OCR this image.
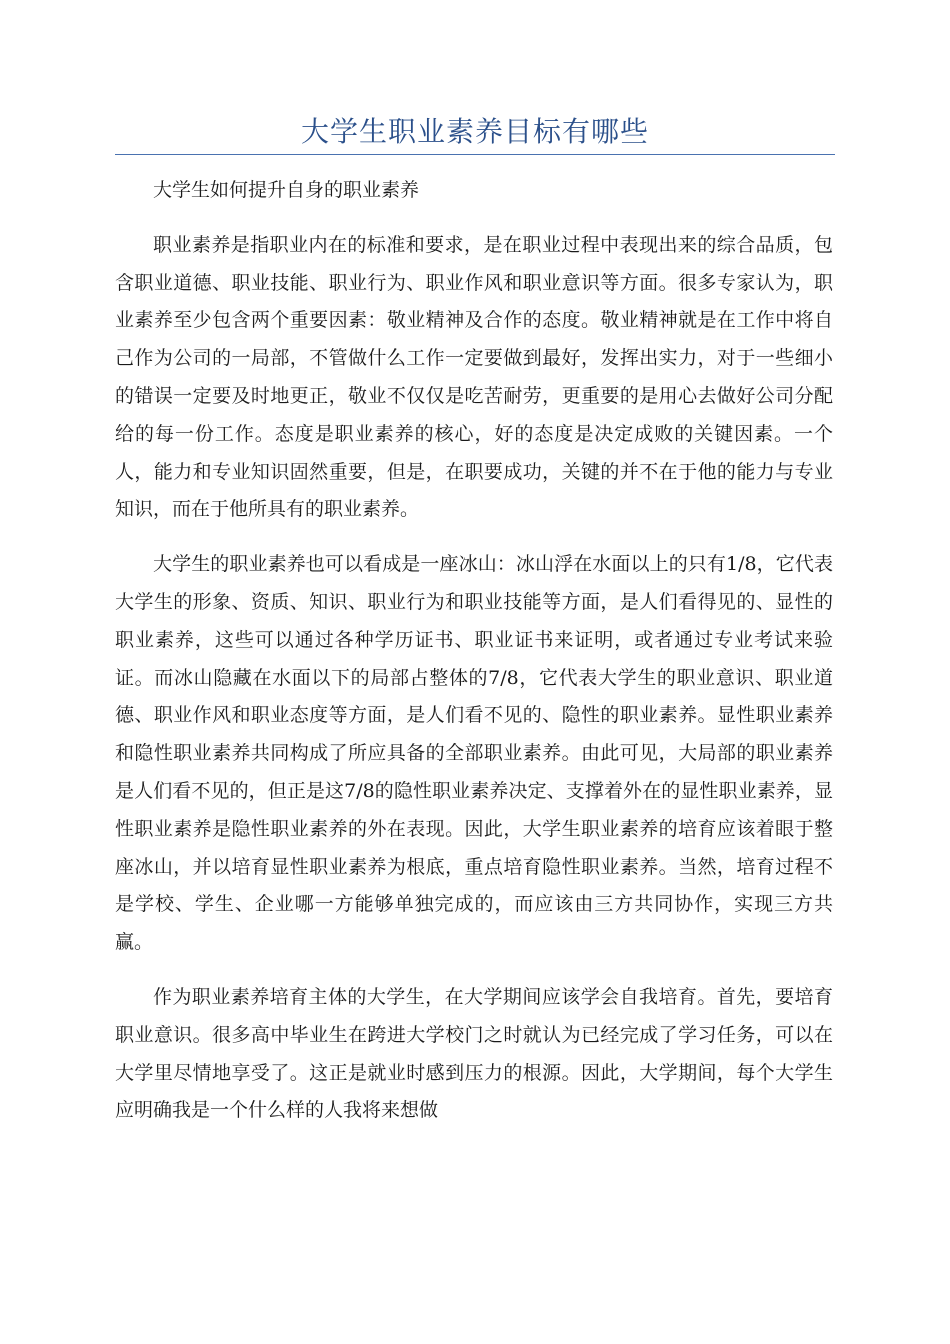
大学生职业素养目标有哪些

大学生如何提升自身的职业素养

职业素养是指职业内在的标准和要求，是在职业过程中表现出来的综合品质，包含职业道德、职业技能、职业行为、职业作风和职业意识等方面。很多专家认为，职业素养至少包含两个重要因素：敬业精神及合作的态度。敬业精神就是在工作中将自己作为公司的一局部，不管做什么工作一定要做到最好，发挥出实力，对于一些细小的错误一定要及时地更正，敬业不仅仅是吃苦耐劳，更重要的是用心去做好公司分配给的每一份工作。态度是职业素养的核心，好的态度是决定成败的关键因素。一个人，能力和专业知识固然重要，但是，在职要成功，关键的并不在于他的能力与专业知识，而在于他所具有的职业素养。

大学生的职业素养也可以看成是一座冰山：冰山浮在水面以上的只有1/8，它代表大学生的形象、资质、知识、职业行为和职业技能等方面，是人们看得见的、显性的职业素养，这些可以通过各种学历证书、职业证书来证明，或者通过专业考试来验证。而冰山隐藏在水面以下的局部占整体的7/8，它代表大学生的职业意识、职业道德、职业作风和职业态度等方面，是人们看不见的、隐性的职业素养。显性职业素养和隐性职业素养共同构成了所应具备的全部职业素养。由此可见，大局部的职业素养是人们看不见的，但正是这7/8的隐性职业素养决定、支撑着外在的显性职业素养，显性职业素养是隐性职业素养的外在表现。因此，大学生职业素养的培育应该着眼于整座冰山，并以培育显性职业素养为根底，重点培育隐性职业素养。当然，培育过程不是学校、学生、企业哪一方能够单独完成的，而应该由三方共同协作，实现三方共赢。

作为职业素养培育主体的大学生，在大学期间应该学会自我培育。首先，要培育职业意识。很多高中毕业生在跨进大学校门之时就认为已经完成了学习任务，可以在大学里尽情地享受了。这正是就业时感到压力的根源。因此，大学期间，每个大学生应明确我是一个什么样的人我将来想做
